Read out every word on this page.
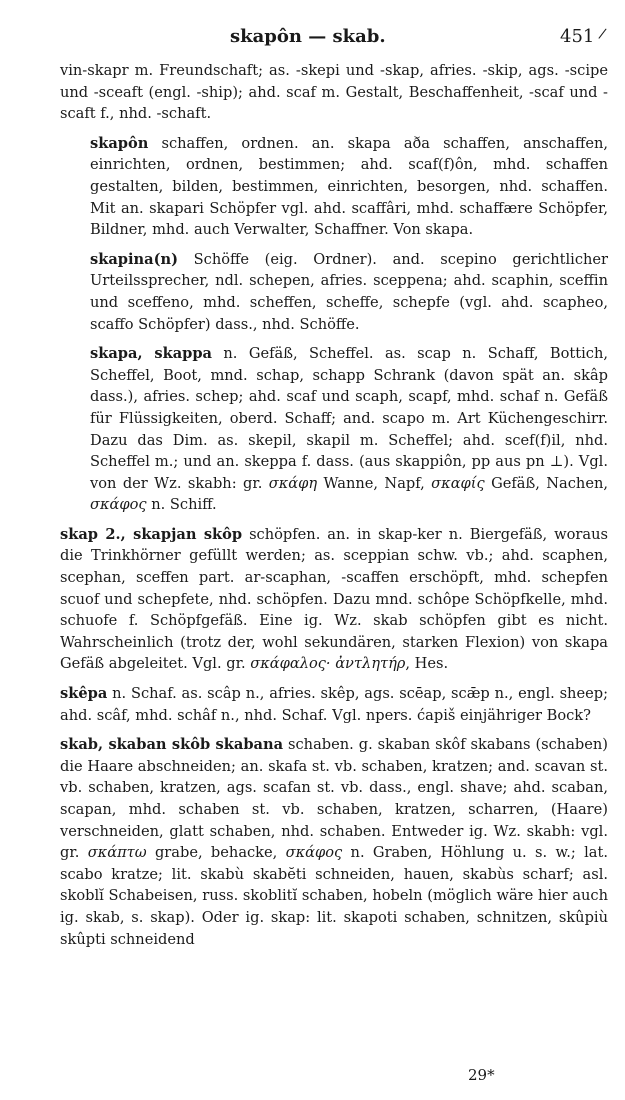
skapôn — skab.	451 /

vin-skapr m. Freundschaft; as. -skepi und -skap, afries. -skip, ags. -scipe und -sceaft (engl. -ship); ahd. scaf m. Gestalt, Beschaffenheit, -scaf und -scaft f., nhd. -schaft.

skapôn schaffen, ordnen. an. skapa aða schaffen, anschaffen, einrichten, ordnen, bestimmen; ahd. scaf(f)ôn, mhd. schaffen gestalten, bilden, bestimmen, einrichten, besorgen, nhd. schaffen. Mit an. skapari Schöpfer vgl. ahd. scaffâri, mhd. schaffære Schöpfer, Bildner, mhd. auch Verwalter, Schaffner. Von skapa.

skapina(n) Schöffe (eig. Ordner). and. scepino gerichtlicher Urteilssprecher, ndl. schepen, afries. sceppena; ahd. scaphin, sceffin und sceffeno, mhd. scheffen, scheffe, schepfe (vgl. ahd. scapheo, scaffo Schöpfer) dass., nhd. Schöffe.

skapa, skappa n. Gefäß, Scheffel. as. scap n. Schaff, Bottich, Scheffel, Boot, mnd. schap, schapp Schrank (davon spät an. skâp dass.), afries. schep; ahd. scaf und scaph, scapf, mhd. schaf n. Gefäß für Flüssigkeiten, oberd. Schaff; and. scapo m. Art Küchengeschirr. Dazu das Dim. as. skepil, skapil m. Scheffel; ahd. scef(f)il, nhd. Scheffel m.; und an. skeppa f. dass. (aus skappiôn, pp aus pn ⊥). Vgl. von der Wz. skabh: gr. σκάφη Wanne, Napf, σκαφίς Gefäß, Nachen, σκάφος n. Schiff.

skap 2., skapjan skôp schöpfen. an. in skap-ker n. Biergefäß, woraus die Trinkhörner gefüllt werden; as. sceppian schw. vb.; ahd. scaphen, scephan, sceffen part. ar-scaphan, -scaffen erschöpft, mhd. schepfen scuof und schepfete, nhd. schöpfen. Dazu mnd. schôpe Schöpfkelle, mhd. schuofe f. Schöpfgefäß. Eine ig. Wz. skab schöpfen gibt es nicht. Wahrscheinlich (trotz der, wohl sekundären, starken Flexion) von skapa Gefäß abgeleitet. Vgl. gr. σκάφαλος· ἀντλητήρ, Hes.

skêpa n. Schaf. as. scâp n., afries. skêp, ags. scēap, scǣp n., engl. sheep; ahd. scâf, mhd. schâf n., nhd. Schaf. Vgl. npers. ćapiš einjähriger Bock?

skab, skaban skôb skabana schaben. g. skaban skôf skabans (schaben) die Haare abschneiden; an. skafa st. vb. schaben, kratzen; and. scavan st. vb. schaben, kratzen, ags. scafan st. vb. dass., engl. shave; ahd. scaban, scapan, mhd. schaben st. vb. schaben, kratzen, scharren, (Haare) verschneiden, glatt schaben, nhd. schaben. Entweder ig. Wz. skabh: vgl. gr. σκάπτω grabe, behacke, σκάφος n. Graben, Höhlung u. s. w.; lat. scabo kratze; lit. skabù skabĕti schneiden, hauen, skabùs scharf; asl. skoblĭ Schabeisen, russ. skoblitĭ schaben, hobeln (möglich wäre hier auch ig. skab, s. skap). Oder ig. skap: lit. skapoti schaben, schnitzen, skûpiù skûpti schneidend

29*
